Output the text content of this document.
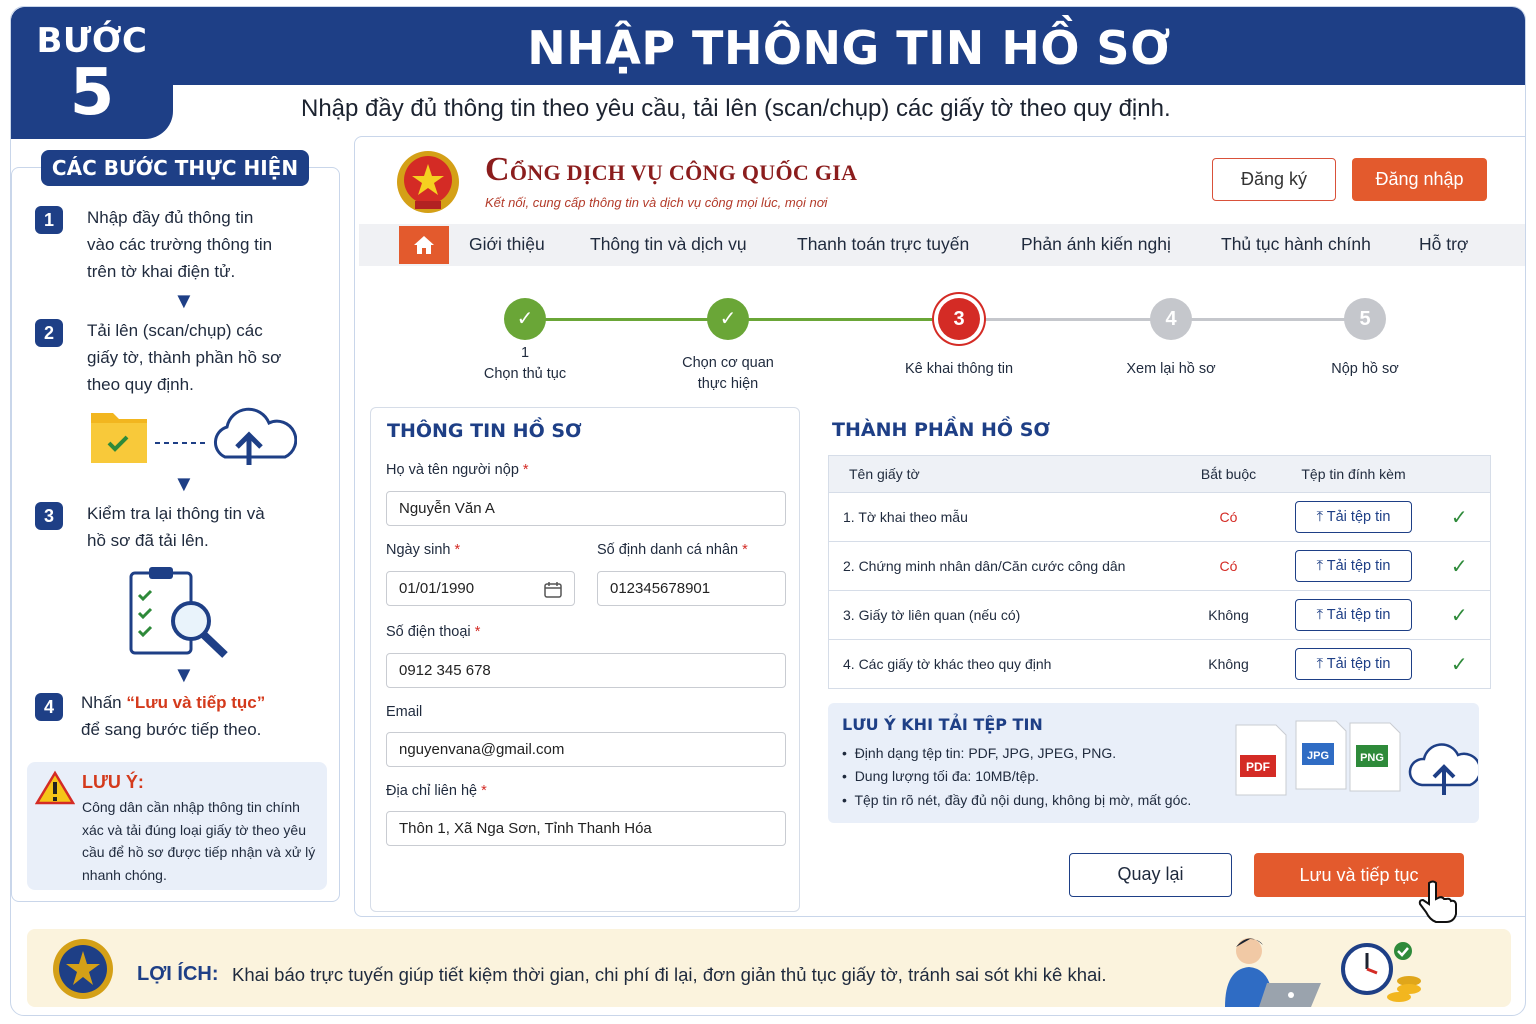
NHẬP THÔNG TIN HỒ SƠ
BƯỚC
5	Nhập đầy đủ thông tin theo yêu cầu, tải lên (scan/chụp) các giấy tờ theo quy định.
CÁC BƯỚC THỰC HIỆN
1	Nhập đầy đủ thông tin
vào các trường thông tin
trên tờ khai điện tử.
▼
2	Tải lên (scan/chụp) các
giấy tờ, thành phần hồ sơ
theo quy định.
▼
3	Kiểm tra lại thông tin và
hồ sơ đã tải lên.
▼
4	Nhấn “Lưu và tiếp tục”
để sang bước tiếp theo.
LƯU Ý:
Công dân cần nhập thông tin chính xác và tải đúng loại giấy tờ theo yêu cầu để hồ sơ được tiếp nhận và xử lý nhanh chóng.
CỔNG DỊCH VỤ CÔNG QUỐC GIA
Kết nối, cung cấp thông tin và dịch vụ công mọi lúc, mọi nơi
Đăng ký	Đăng nhập
Giới thiệu	Thông tin và dịch vụ	Thanh toán trực tuyến	Phản ánh kiến nghị	Thủ tục hành chính	Hỗ trợ
✓	✓	3	4	5
1
Chọn thủ tục
Chọn cơ quan thực hiện
Kê khai thông tin	Xem lại hồ sơ	Nộp hồ sơ
THÔNG TIN HỒ SƠ
Họ và tên người nộp *
Nguyễn Văn A
Ngày sinh *
01/01/1990
Số định danh cá nhân *
012345678901
Số điện thoại *
0912 345 678
Email
nguyenvana@gmail.com
Địa chỉ liên hệ *
Thôn 1, Xã Nga Sơn, Tỉnh Thanh Hóa
THÀNH PHẦN HỒ SƠ
Tên giấy tờ	Bắt buộc	Tệp tin đính kèm	
1. Tờ khai theo mẫu	Có	⤒ Tải tệp tin	✓
2. Chứng minh nhân dân/Căn cước công dân	Có	⤒ Tải tệp tin	✓
3. Giấy tờ liên quan (nếu có)	Không	⤒ Tải tệp tin	✓
4. Các giấy tờ khác theo quy định	Không	⤒ Tải tệp tin	✓
LƯU Ý KHI TẢI TỆP TIN
•  Định dạng tệp tin: PDF, JPG, JPEG, PNG.
•  Dung lượng tối đa: 10MB/tệp.
•  Tệp tin rõ nét, đầy đủ nội dung, không bị mờ, mất góc.
PDF
JPG	PNG
Quay lại	Lưu và tiếp tục
LỢI ÍCH: Khai báo trực tuyến giúp tiết kiệm thời gian, chi phí đi lại, đơn giản thủ tục giấy tờ, tránh sai sót khi kê khai.
